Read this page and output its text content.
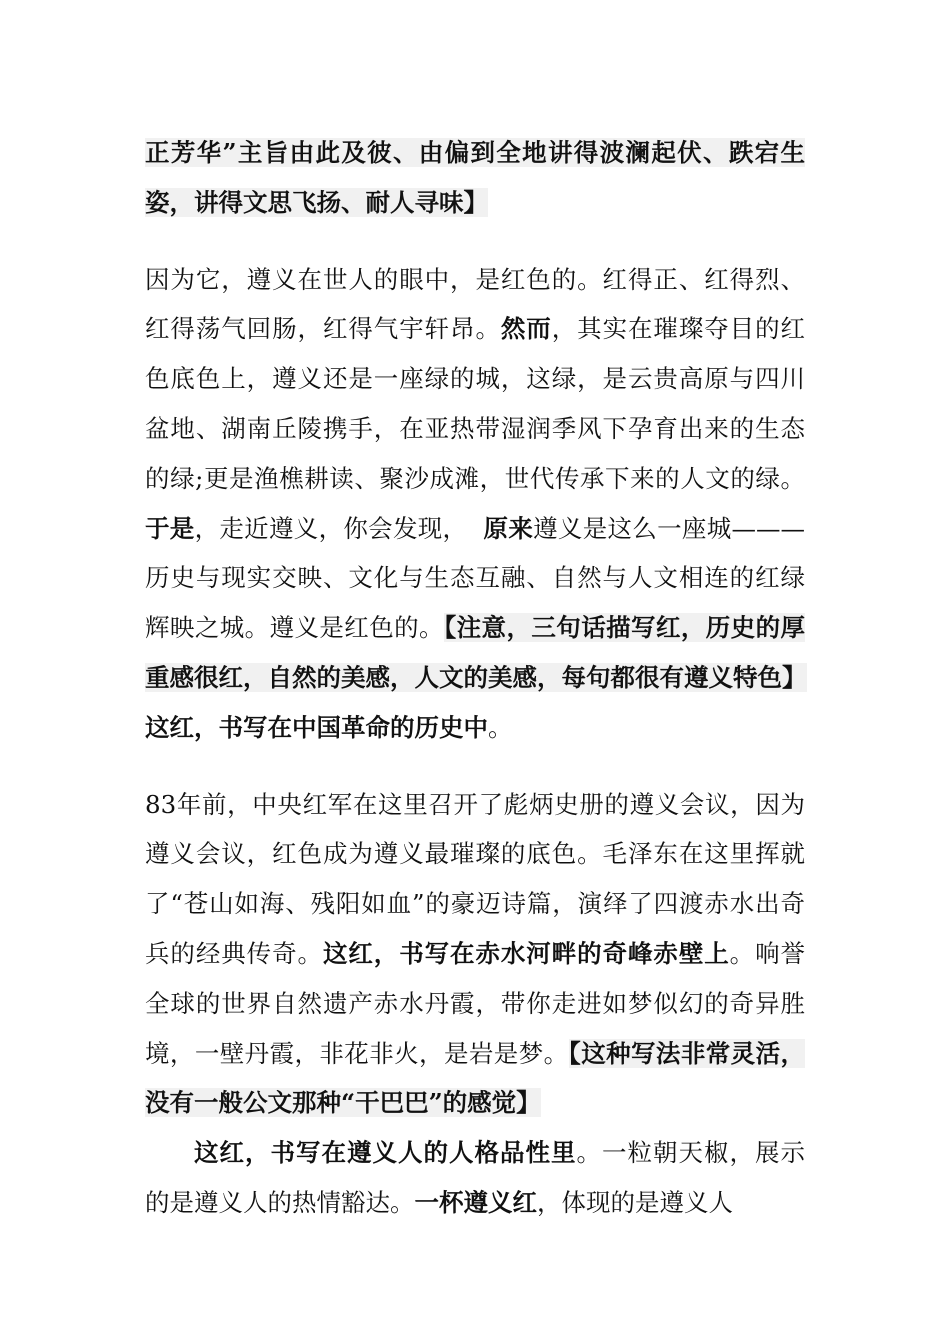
正芳华”主旨由此及彼、由偏到全地讲得波澜起伏、跌宕生姿，讲得文思飞扬、耐人寻味】

因为它，遵义在世人的眼中，是红色的。红得正、红得烈、红得荡气回肠，红得气宇轩昂。然而，其实在璀璨夺目的红色底色上，遵义还是一座绿的城，这绿，是云贵高原与四川盆地、湖南丘陵携手，在亚热带湿润季风下孕育出来的生态的绿;更是渔樵耕读、聚沙成滩，世代传承下来的人文的绿。于是，走近遵义，你会发现，  原来遵义是这么一座城———历史与现实交映、文化与生态互融、自然与人文相连的红绿辉映之城。遵义是红色的。【注意，三句话描写红，历史的厚重感很红，自然的美感，人文的美感，每句都很有遵义特色】这红，书写在中国革命的历史中。

83年前，中央红军在这里召开了彪炳史册的遵义会议，因为遵义会议，红色成为遵义最璀璨的底色。毛泽东在这里挥就了“苍山如海、残阳如血”的豪迈诗篇，演绎了四渡赤水出奇兵的经典传奇。这红，书写在赤水河畔的奇峰赤壁上。响誉全球的世界自然遗产赤水丹霞，带你走进如梦似幻的奇异胜境，一壁丹霞，非花非火，是岩是梦。【这种写法非常灵活，没有一般公文那种“干巴巴”的感觉】

这红，书写在遵义人的人格品性里。一粒朝天椒，展示的是遵义人的热情豁达。一杯遵义红，体现的是遵义人
